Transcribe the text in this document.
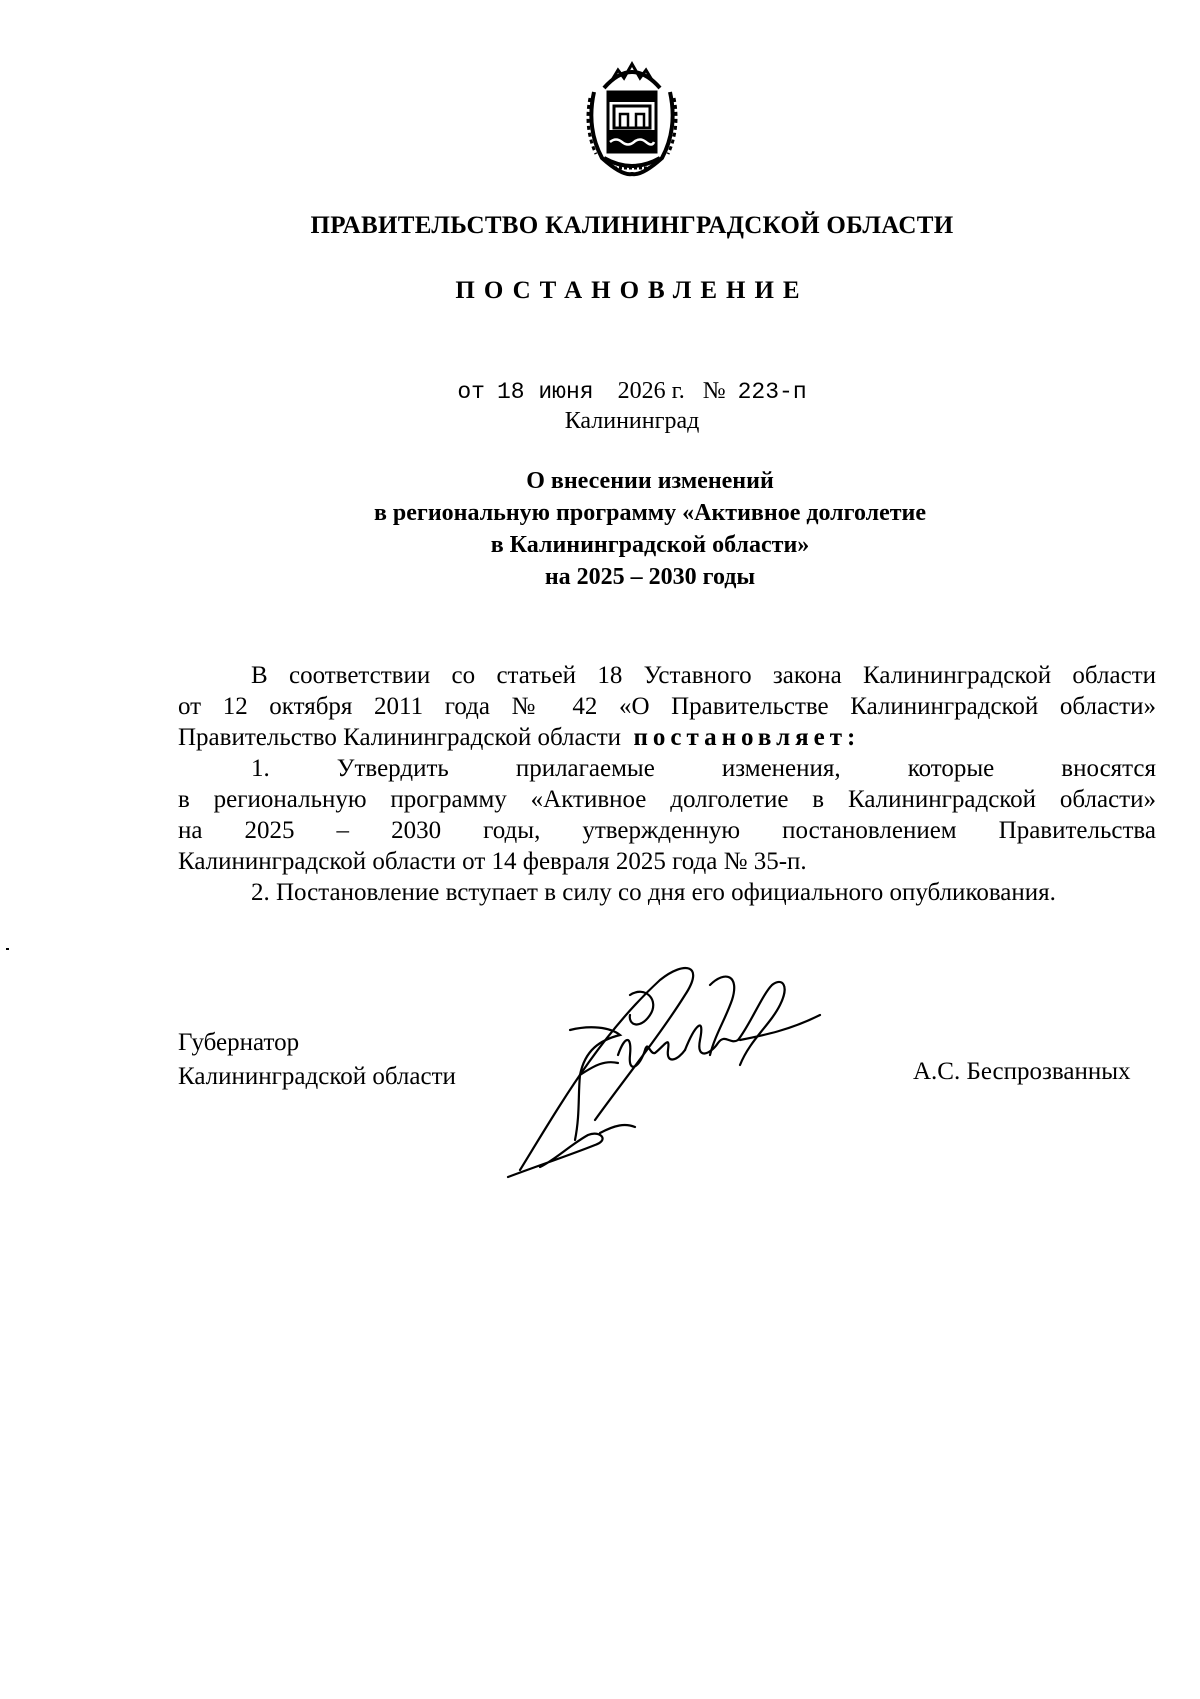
ПРАВИТЕЛЬСТВО КАЛИНИНГРАДСКОЙ ОБЛАСТИ
ПОСТАНОВЛЕНИЕ
от 18 июня 2026 г. № 223-п
Калининград
О внесении изменений
в региональную программу «Активное долголетие
в Калининградской области»
на 2025 – 2030 годы
В соответствии со статьей 18 Уставного закона Калининградской области
от 12 октября 2011 года № 42 «О Правительстве Калининградской области»
Правительство Калининградской области постановляет:
1. Утвердить прилагаемые изменения, которые вносятся
в региональную программу «Активное долголетие в Калининградской области»
на 2025 – 2030 годы, утвержденную постановлением Правительства
Калининградской области от 14 февраля 2025 года № 35-п.
2. Постановление вступает в силу со дня его официального опубликования.
Губернатор
Калининградской области	А.С. Беспрозванных
